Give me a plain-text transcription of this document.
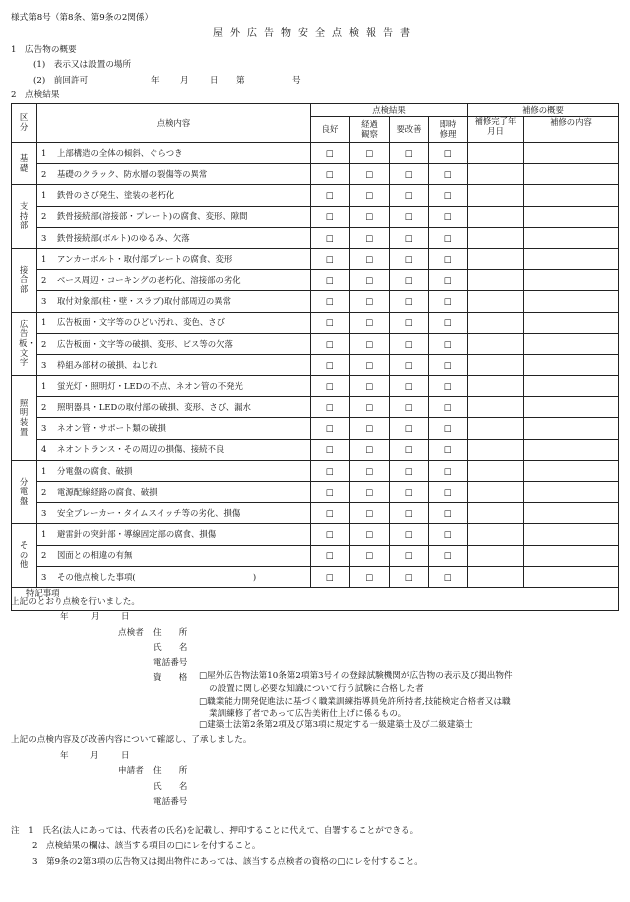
様式第8号（第8条、第9条の2関係）
屋外広告物安全点検報告書
1　広告物の概要
(1)　表示又は設置の場所
(2)　前回許可	年 月 日 第	号
2　点検結果
区分	点検内容	点検結果				補修の概要	
		良好	経過観察	要改善	即時修理	補修完了年月日	補修の内容
基礎	1 上部構造の全体の傾斜、ぐらつき	□	□	□	□		
	2 基礎のクラック、防水層の裂傷等の異常	□	□	□	□		
支持部	1 鉄骨のさび発生、塗装の老朽化	□	□	□	□		
	2 鉄骨接続部(溶接部・プレート)の腐食、変形、隙間	□	□	□	□		
	3 鉄骨接続部(ボルト)のゆるみ、欠落	□	□	□	□		
接合部	1 アンカーボルト・取付部プレートの腐食、変形	□	□	□	□		
	2 ベース周辺・コーキングの老朽化、溶接部の劣化	□	□	□	□		
	3 取付対象部(柱・壁・スラブ)取付部周辺の異常	□	□	□	□		
広告板・文字	1 広告板面・文字等のひどい汚れ、変色、さび	□	□	□	□		
	2 広告板面・文字等の破損、変形、ビス等の欠落	□	□	□	□		
	3 枠組み部材の破損、ねじれ	□	□	□	□		
照明装置	1 蛍光灯・照明灯・LEDの不点、ネオン管の不発光	□	□	□	□		
	2 照明器具・LEDの取付部の破損、変形、さび、漏水	□	□	□	□		
	3 ネオン管・サポート類の破損	□	□	□	□		
	4 ネオントランス・その周辺の損傷、接続不良	□	□	□	□		
分電盤	1 分電盤の腐食、破損	□	□	□	□		
	2 電源配線経路の腐食、破損	□	□	□	□		
	3 安全ブレーカー・タイムスイッチ等の劣化、損傷	□	□	□	□		
その他	1 避雷針の突針部・導線固定部の腐食、損傷	□	□	□	□		
	2 図面との相違の有無	□	□	□	□		
	3 その他点検した事項(　　　　　　　　　　　　　　)	□	□	□	□		
特記事項							
上記のとおり点検を行いました。
年	月 日
点検者 住　　所
氏　　名
電話番号
資　　格 □屋外広告物法第10条第2項第3号イの登録試験機関が広告物の表示及び掲出物件
の設置に関し必要な知識について行う試験に合格した者
□職業能力開発促進法に基づく職業訓練指導員免許所持者,技能検定合格者又は職
業訓練修了者であって広告美術仕上げに係るもの。
□建築士法第2条第2項及び第3項に規定する一級建築士及び二級建築士
上記の点検内容及び改善内容について確認し、了承しました。
年 月	日
申請者 住　　所
氏　　名
電話番号
注　1　氏名(法人にあっては、代表者の氏名)を記載し、押印することに代えて、自署することができる。
2　点検結果の欄は、該当する項目の□にレを付すること。
3　第9条の2第3項の広告物又は掲出物件にあっては、該当する点検者の資格の□にレを付すること。
